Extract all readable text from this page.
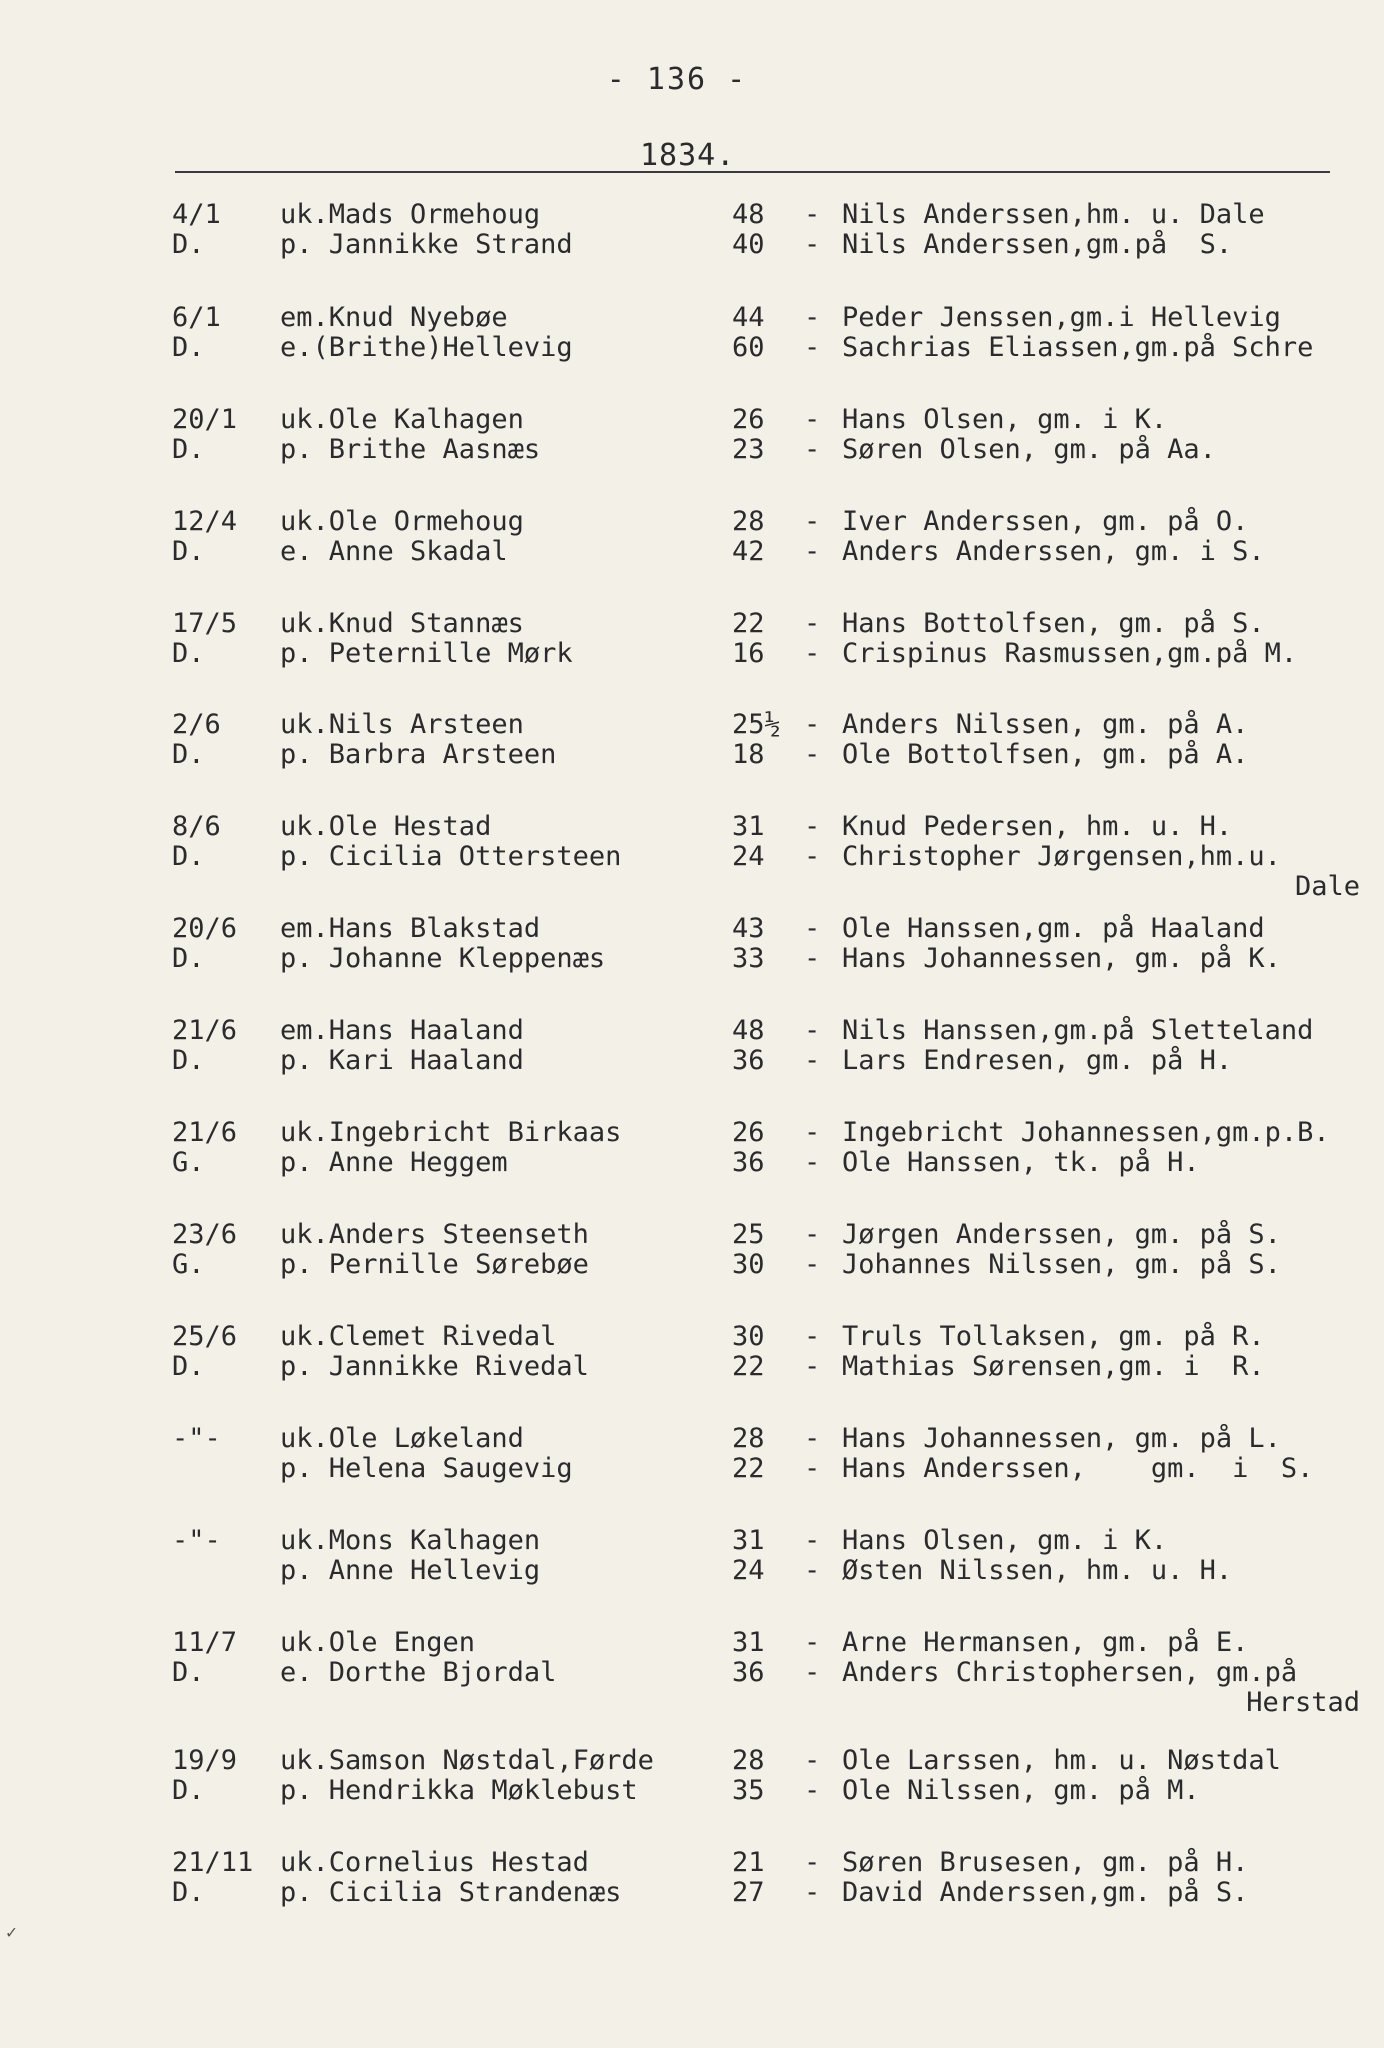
- 136 -
1834.
4/1
D.
uk.Mads Ormehoug
p. Jannikke Strand
48
40
Nils Anderssen,hm. u. Dale
Nils Anderssen,gm.på  S.
-
-
6/1
D.
em.Knud Nyebøe
e.(Brithe)Hellevig
44
60
Peder Jenssen,gm.i Hellevig
Sachrias Eliassen,gm.på Schre
-
-
20/1
D.
uk.Ole Kalhagen
p. Brithe Aasnæs
26
23
Hans Olsen, gm. i K.
Søren Olsen, gm. på Aa.
-
-
12/4
D.
uk.Ole Ormehoug
e. Anne Skadal
28
42
Iver Anderssen, gm. på O.
Anders Anderssen, gm. i S.
-
-
17/5
D.
uk.Knud Stannæs
p. Peternille Mørk
22
16
Hans Bottolfsen, gm. på S.
Crispinus Rasmussen,gm.på M.
-
-
2/6
D.
uk.Nils Arsteen
p. Barbra Arsteen
25½
18
Anders Nilssen, gm. på A.
Ole Bottolfsen, gm. på A.
-
-
8/6
D.
uk.Ole Hestad
p. Cicilia Ottersteen
31
24
Knud Pedersen, hm. u. H.
Christopher Jørgensen,hm.u.
Dale
-
-
20/6
D.
em.Hans Blakstad
p. Johanne Kleppenæs
43
33
Ole Hanssen,gm. på Haaland
Hans Johannessen, gm. på K.
-
-
21/6
D.
em.Hans Haaland
p. Kari Haaland
48
36
Nils Hanssen,gm.på Sletteland
Lars Endresen, gm. på H.
-
-
21/6
G.
uk.Ingebricht Birkaas
p. Anne Heggem
26
36
Ingebricht Johannessen,gm.p.B.
Ole Hanssen, tk. på H.
-
-
23/6
G.
uk.Anders Steenseth
p. Pernille Sørebøe
25
30
Jørgen Anderssen, gm. på S.
Johannes Nilssen, gm. på S.
-
-
25/6
D.
uk.Clemet Rivedal
p. Jannikke Rivedal
30
22
Truls Tollaksen, gm. på R.
Mathias Sørensen,gm. i  R.
-
-
-"- uk.Ole Løkeland
p. Helena Saugevig
28
22
Hans Johannessen, gm. på L.
Hans Anderssen,    gm.  i  S.
-
-
-"- uk.Mons Kalhagen
p. Anne Hellevig
31
24
Hans Olsen, gm. i K.
Østen Nilssen, hm. u. H.
-
-
11/7
D.
uk.Ole Engen
e. Dorthe Bjordal
31
36
Arne Hermansen, gm. på E.
Anders Christophersen, gm.på
Herstad
-
-
19/9
D.
uk.Samson Nøstdal,Førde
p. Hendrikka Møklebust
28
35
Ole Larssen, hm. u. Nøstdal
Ole Nilssen, gm. på M.
-
-
21/11
D.
uk.Cornelius Hestad
p. Cicilia Strandenæs
21
27
Søren Brusesen, gm. på H.
David Anderssen,gm. på S.
-
-
✓
